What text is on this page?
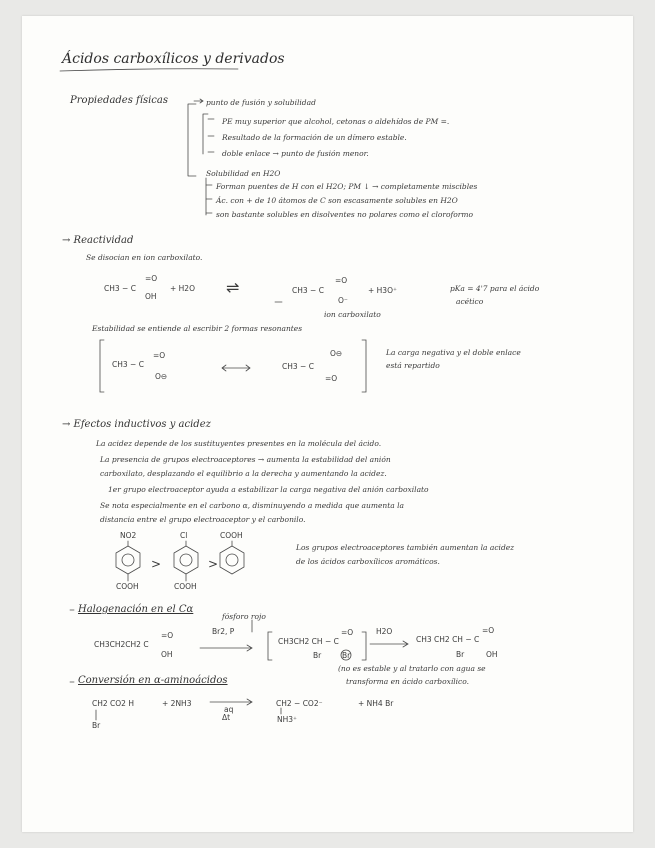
Ácidos carboxílicos y derivados
Propiedades físicas	punto de fusión y solubilidad
PE muy superior que alcohol, cetonas o aldehídos de PM =.
Resultado de la formación de un dímero estable.
doble enlace → punto de fusión menor.
Solubilidad en H2O
Forman puentes de H con el H2O; PM ↓ → completamente miscibles
Ác. con + de 10 átomos de C son escasamente solubles en H2O
son bastante solubles en disolventes no polares como el cloroformo
→ Reactividad
Se disocian en ion carboxilato.
CH3 − C
=O
OH
+ H2O ⇌	CH3 − C
=O
O⁻
+ H3O⁺	pKa = 4'7 para el ácido
acético
ion carboxilato
Estabilidad se entiende al escribir 2 formas resonantes
CH3 − C
=O
O⊖
CH3 − C
O⊖
=O
La carga negativa y el doble enlace
está repartido
→ Efectos inductivos y acidez
La acidez depende de los sustituyentes presentes en la molécula del ácido.
La presencia de grupos electroaceptores → aumenta la estabilidad del anión
carboxilato, desplazando el equilibrio a la derecha y aumentando la acidez.
1er grupo electroaceptor ayuda a estabilizar la carga negativa del anión carboxilato
Se nota especialmente en el carbono α, disminuyendo a medida que aumenta la
distancia entre el grupo electroaceptor y el carbonilo.
NO2	Cl	COOH
COOH	COOH
>	>
Los grupos electroaceptores también aumentan la acidez
de los ácidos carboxílicos aromáticos.
Halogenación en el Cα
fósforo rojo
CH3CH2CH2 C
=O
OH
Br2, P
CH3CH2 CH − C
=O
Br	Br
H2O
CH3 CH2 CH − C
=O
Br	OH
(no es estable y al tratarlo con agua se
transforma en ácido carboxílico.
Conversión en α-aminoácidos
CH2 CO2 H
Br
+ 2NH3
aq
Δt
CH2 − CO2⁻
NH3⁺
+ NH4 Br
